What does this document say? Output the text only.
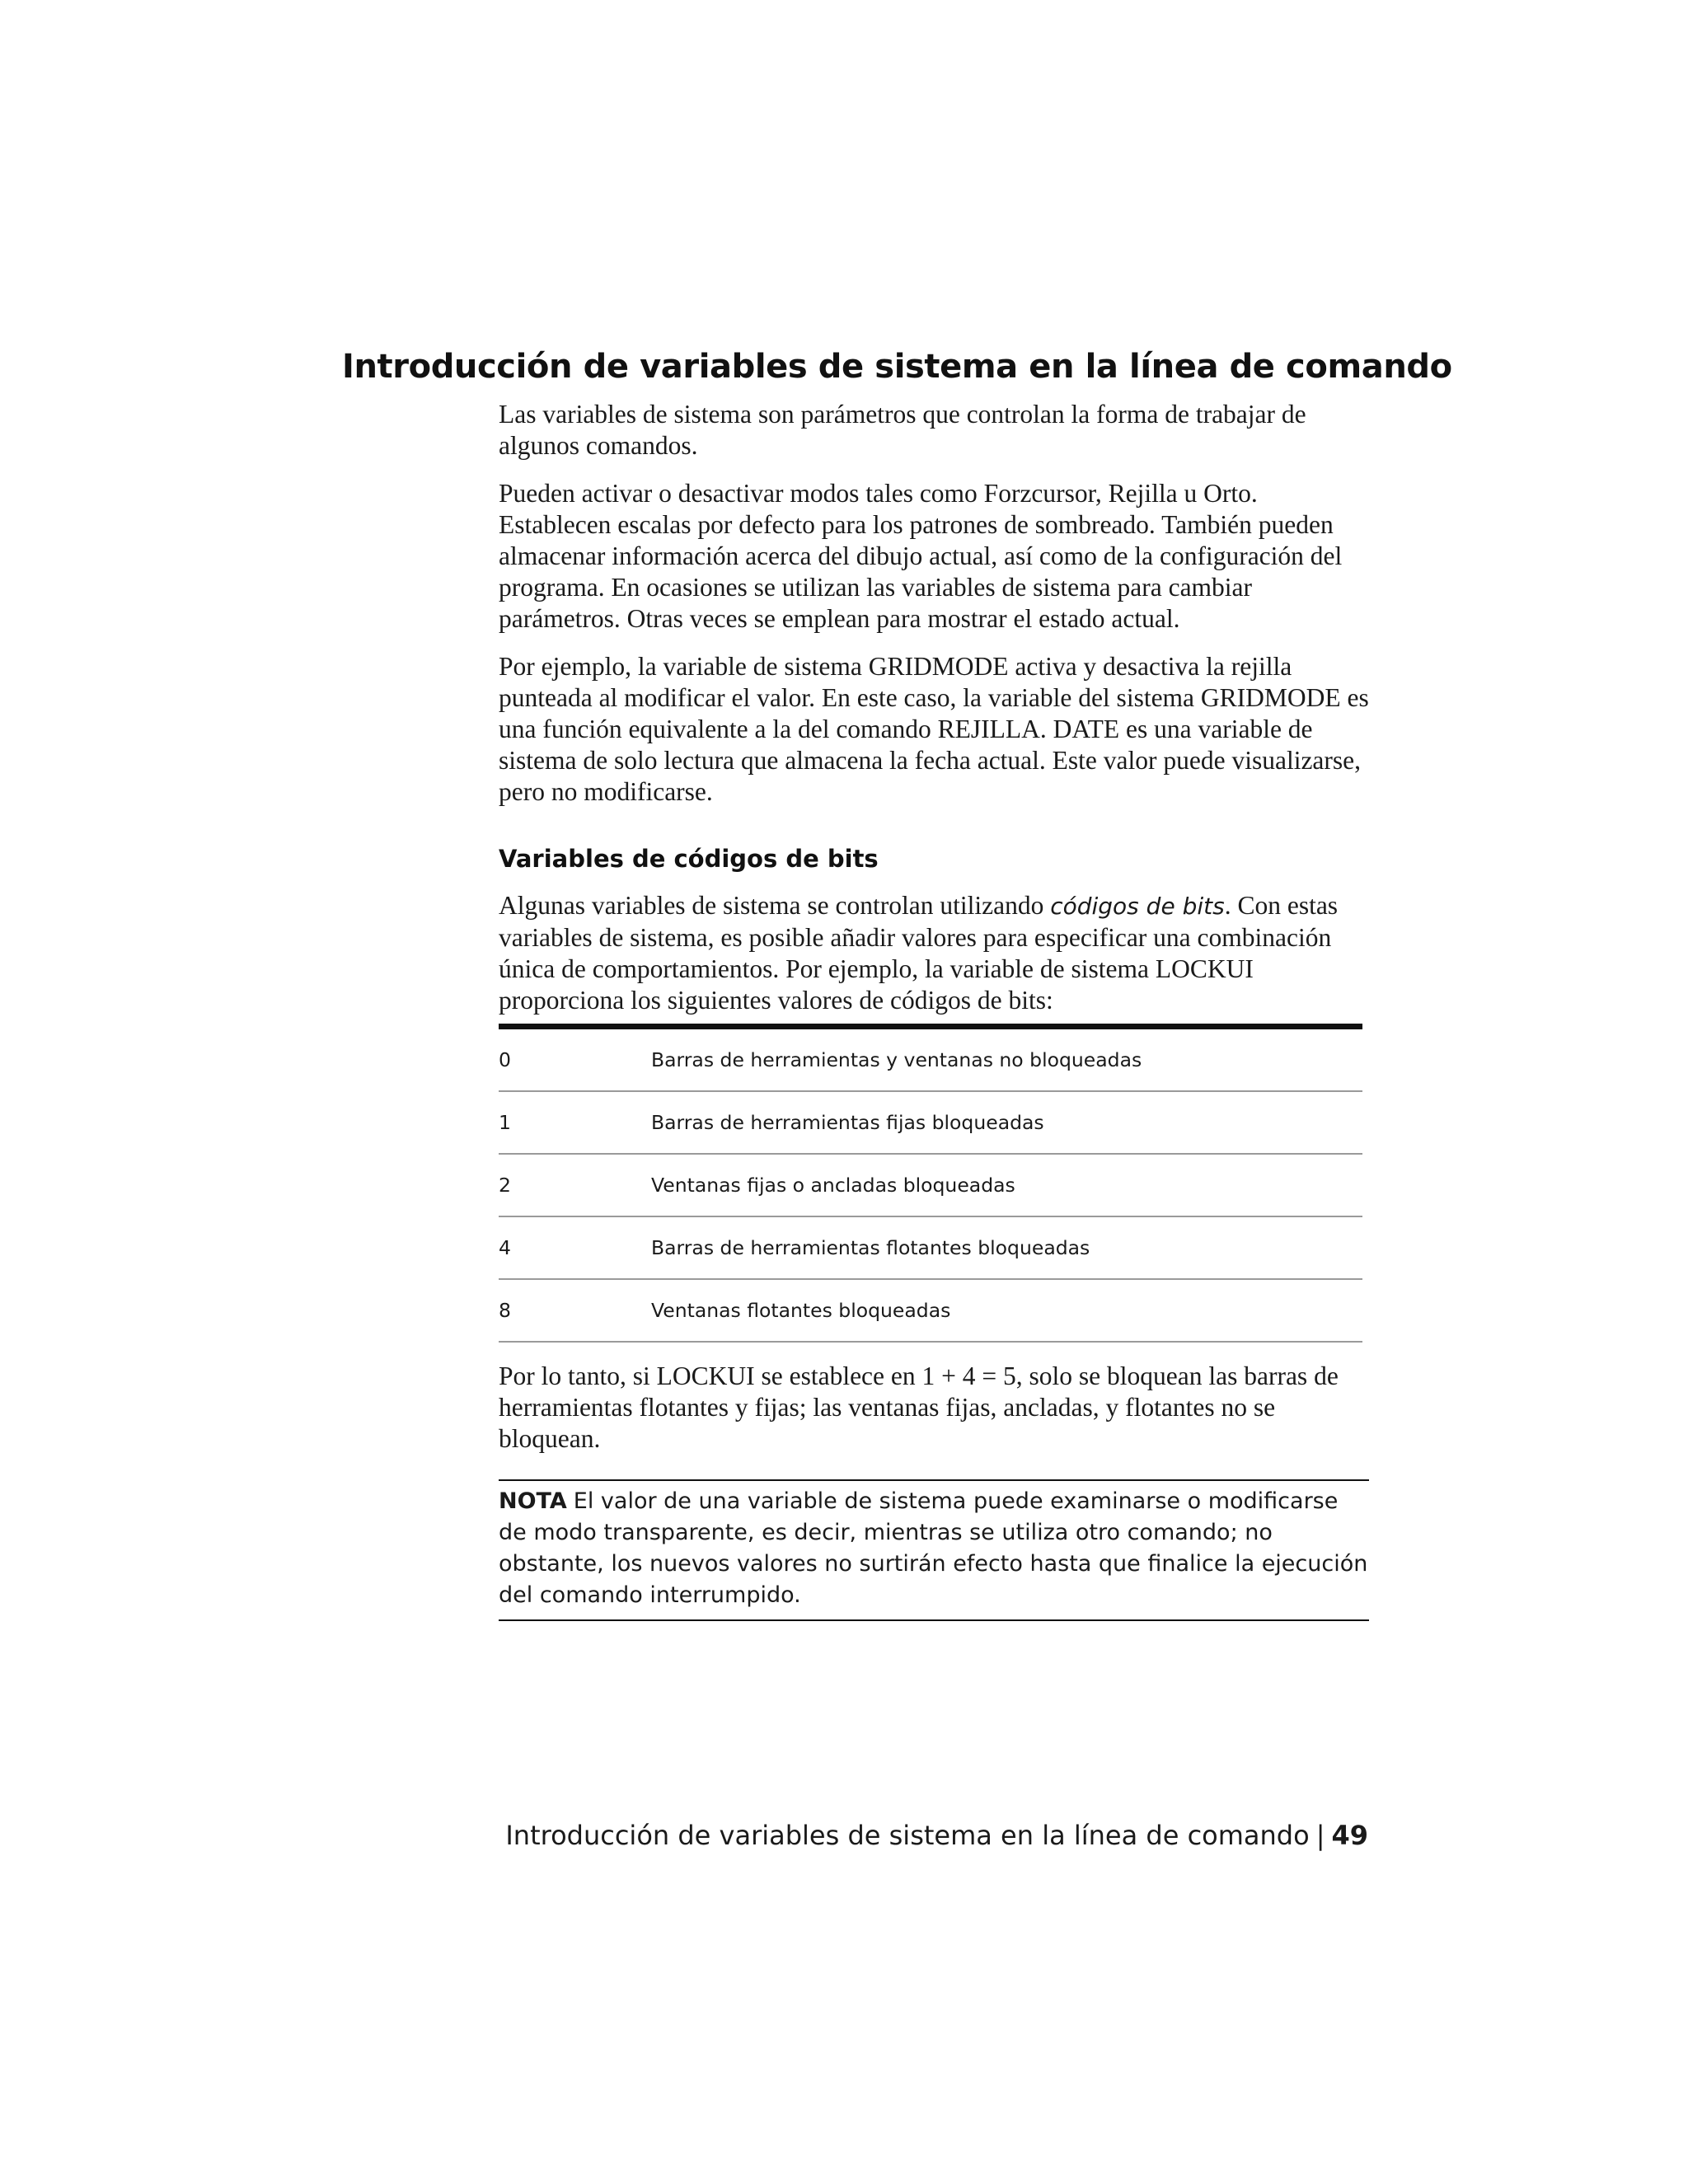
Introducción de variables de sistema en la línea de comando

Las variables de sistema son parámetros que controlan la forma de trabajar de algunos comandos.

Pueden activar o desactivar modos tales como Forzcursor, Rejilla u Orto. Establecen escalas por defecto para los patrones de sombreado. También pueden almacenar información acerca del dibujo actual, así como de la configuración del programa. En ocasiones se utilizan las variables de sistema para cambiar parámetros. Otras veces se emplean para mostrar el estado actual.

Por ejemplo, la variable de sistema GRIDMODE activa y desactiva la rejilla punteada al modificar el valor. En este caso, la variable del sistema GRIDMODE es una función equivalente a la del comando REJILLA. DATE es una variable de sistema de solo lectura que almacena la fecha actual. Este valor puede visualizarse, pero no modificarse.

Variables de códigos de bits

Algunas variables de sistema se controlan utilizando códigos de bits. Con estas variables de sistema, es posible añadir valores para especificar una combinación única de comportamientos. Por ejemplo, la variable de sistema LOCKUI proporciona los siguientes valores de códigos de bits:

0	Barras de herramientas y ventanas no bloqueadas
1	Barras de herramientas fijas bloqueadas
2	Ventanas fijas o ancladas bloqueadas
4	Barras de herramientas flotantes bloqueadas
8	Ventanas flotantes bloqueadas

Por lo tanto, si LOCKUI se establece en 1 + 4 = 5, solo se bloquean las barras de herramientas flotantes y fijas; las ventanas fijas, ancladas, y flotantes no se bloquean.

NOTA El valor de una variable de sistema puede examinarse o modificarse de modo transparente, es decir, mientras se utiliza otro comando; no obstante, los nuevos valores no surtirán efecto hasta que finalice la ejecución del comando interrumpido.
Introducción de variables de sistema en la línea de comando | 49
